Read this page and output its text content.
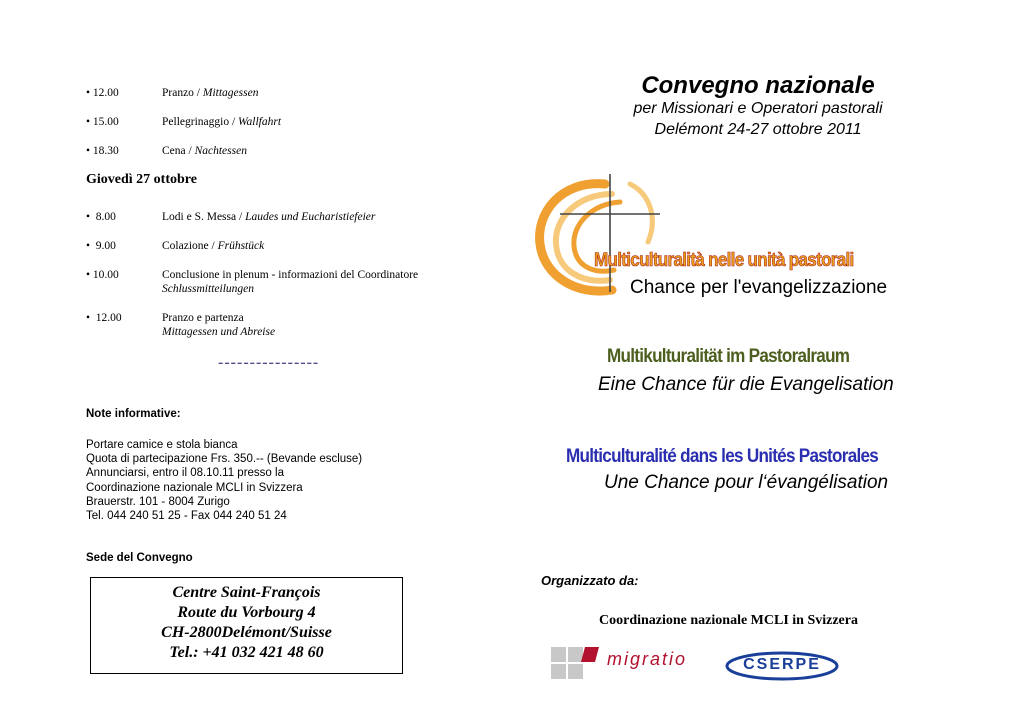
• 12.00	Pranzo / Mittagessen
• 15.00	Pellegrinaggio / Wallfahrt
• 18.30	Cena / Nachtessen
Giovedì 27 ottobre
•  8.00	Lodi e S. Messa / Laudes und Eucharistiefeier
•  9.00	Colazione / Frühstück
• 10.00	Conclusione in plenum - informazioni del Coordinatore
Schlussmitteilungen
•  12.00	Pranzo e partenza
Mittagessen und Abreise
----------------
Note informative:
Portare camice e stola bianca
Quota di partecipazione Frs. 350.-- (Bevande escluse)
Annunciarsi, entro il 08.10.11 presso la
Coordinazione nazionale MCLI in Svizzera
Brauerstr. 101 - 8004 Zurigo
Tel. 044 240 51 25 - Fax 044 240 51 24
Sede del Convegno
Centre Saint-François
Route du Vorbourg 4
CH-2800Delémont/Suisse
Tel.: +41 032 421 48 60
Convegno nazionale
per Missionari e Operatori pastorali
Delémont 24-27 ottobre 2011
Multiculturalità nelle unità pastorali
Chance per l'evangelizzazione
Multikulturalität im Pastoralraum
Eine Chance für die Evangelisation
Multiculturalité dans les Unités Pastorales
Une Chance pour l‘évangélisation
Organizzato da:
Coordinazione nazionale MCLI in Svizzera
migratio	CSERPE
